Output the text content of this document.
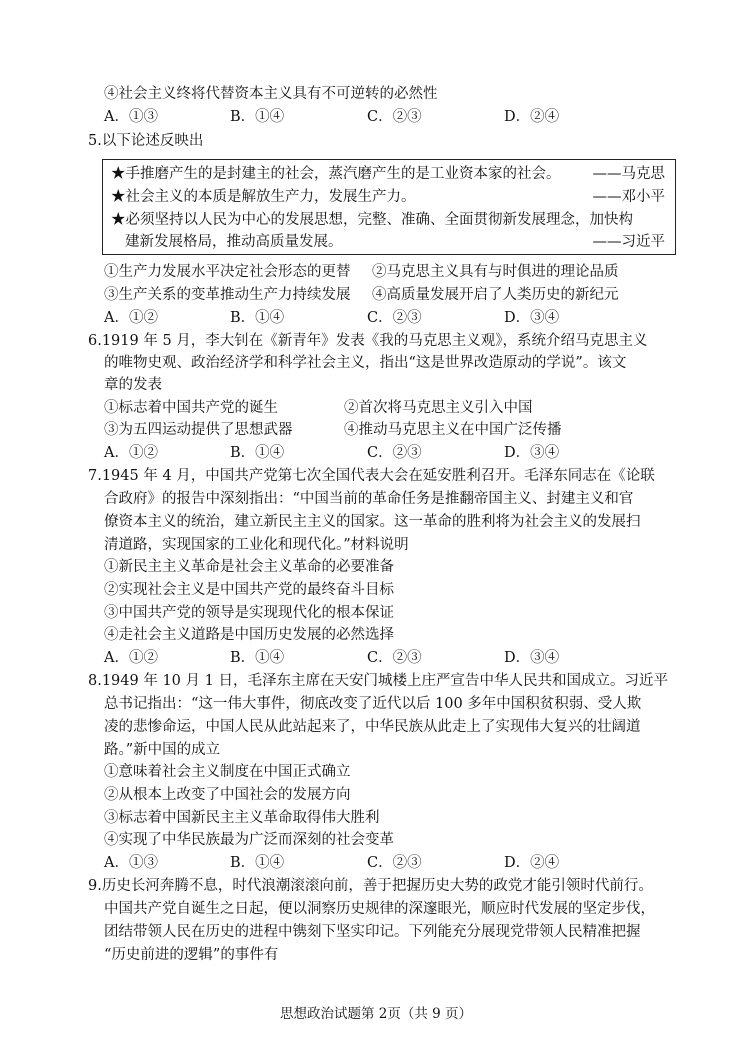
④社会主义终将代替资本主义具有不可逆转的必然性
A．①③	B．①④	C．②③	D．②④
5.以下论述反映出
★手推磨产生的是封建主的社会，蒸汽磨产生的是工业资本家的社会。 ——马克思
★社会主义的本质是解放生产力，发展生产力。	——邓小平
★必须坚持以人民为中心的发展思想，完整、准确、全面贯彻新发展理念，加快构
建新发展格局，推动高质量发展。	——习近平
①生产力发展水平决定社会形态的更替 ②马克思主义具有与时俱进的理论品质
③生产关系的变革推动生产力持续发展 ④高质量发展开启了人类历史的新纪元
A．①②	B．①④	C．②③	D．③④
6.1919 年 5 月，李大钊在《新青年》发表《我的马克思主义观》，系统介绍马克思主义
的唯物史观、政治经济学和科学社会主义，指出“这是世界改造原动的学说”。该文
章的发表
①标志着中国共产党的诞生	②首次将马克思主义引入中国
③为五四运动提供了思想武器	④推动马克思主义在中国广泛传播
A．①②	B．①④	C．②③	D．③④
7.1945 年 4 月，中国共产党第七次全国代表大会在延安胜利召开。毛泽东同志在《论联
合政府》的报告中深刻指出：“中国当前的革命任务是推翻帝国主义、封建主义和官
僚资本主义的统治，建立新民主主义的国家。这一革命的胜利将为社会主义的发展扫
清道路，实现国家的工业化和现代化。”材料说明
①新民主主义革命是社会主义革命的必要准备
②实现社会主义是中国共产党的最终奋斗目标
③中国共产党的领导是实现现代化的根本保证
④走社会主义道路是中国历史发展的必然选择
A．①②	B．①④	C．②③	D．③④
8.1949 年 10 月 1 日，毛泽东主席在天安门城楼上庄严宣告中华人民共和国成立。习近平
总书记指出：“这一伟大事件，彻底改变了近代以后 100 多年中国积贫积弱、受人欺
凌的悲惨命运，中国人民从此站起来了，中华民族从此走上了实现伟大复兴的壮阔道
路。”新中国的成立
①意味着社会主义制度在中国正式确立
②从根本上改变了中国社会的发展方向
③标志着中国新民主主义革命取得伟大胜利
④实现了中华民族最为广泛而深刻的社会变革
A．①③	B．①④	C．②③	D．②④
9.历史长河奔腾不息，时代浪潮滚滚向前，善于把握历史大势的政党才能引领时代前行。
中国共产党自诞生之日起，便以洞察历史规律的深邃眼光，顺应时代发展的坚定步伐，
团结带领人民在历史的进程中镌刻下坚实印记。下列能充分展现党带领人民精准把握
“历史前进的逻辑”的事件有
思想政治试题第 2页（共 9 页）
